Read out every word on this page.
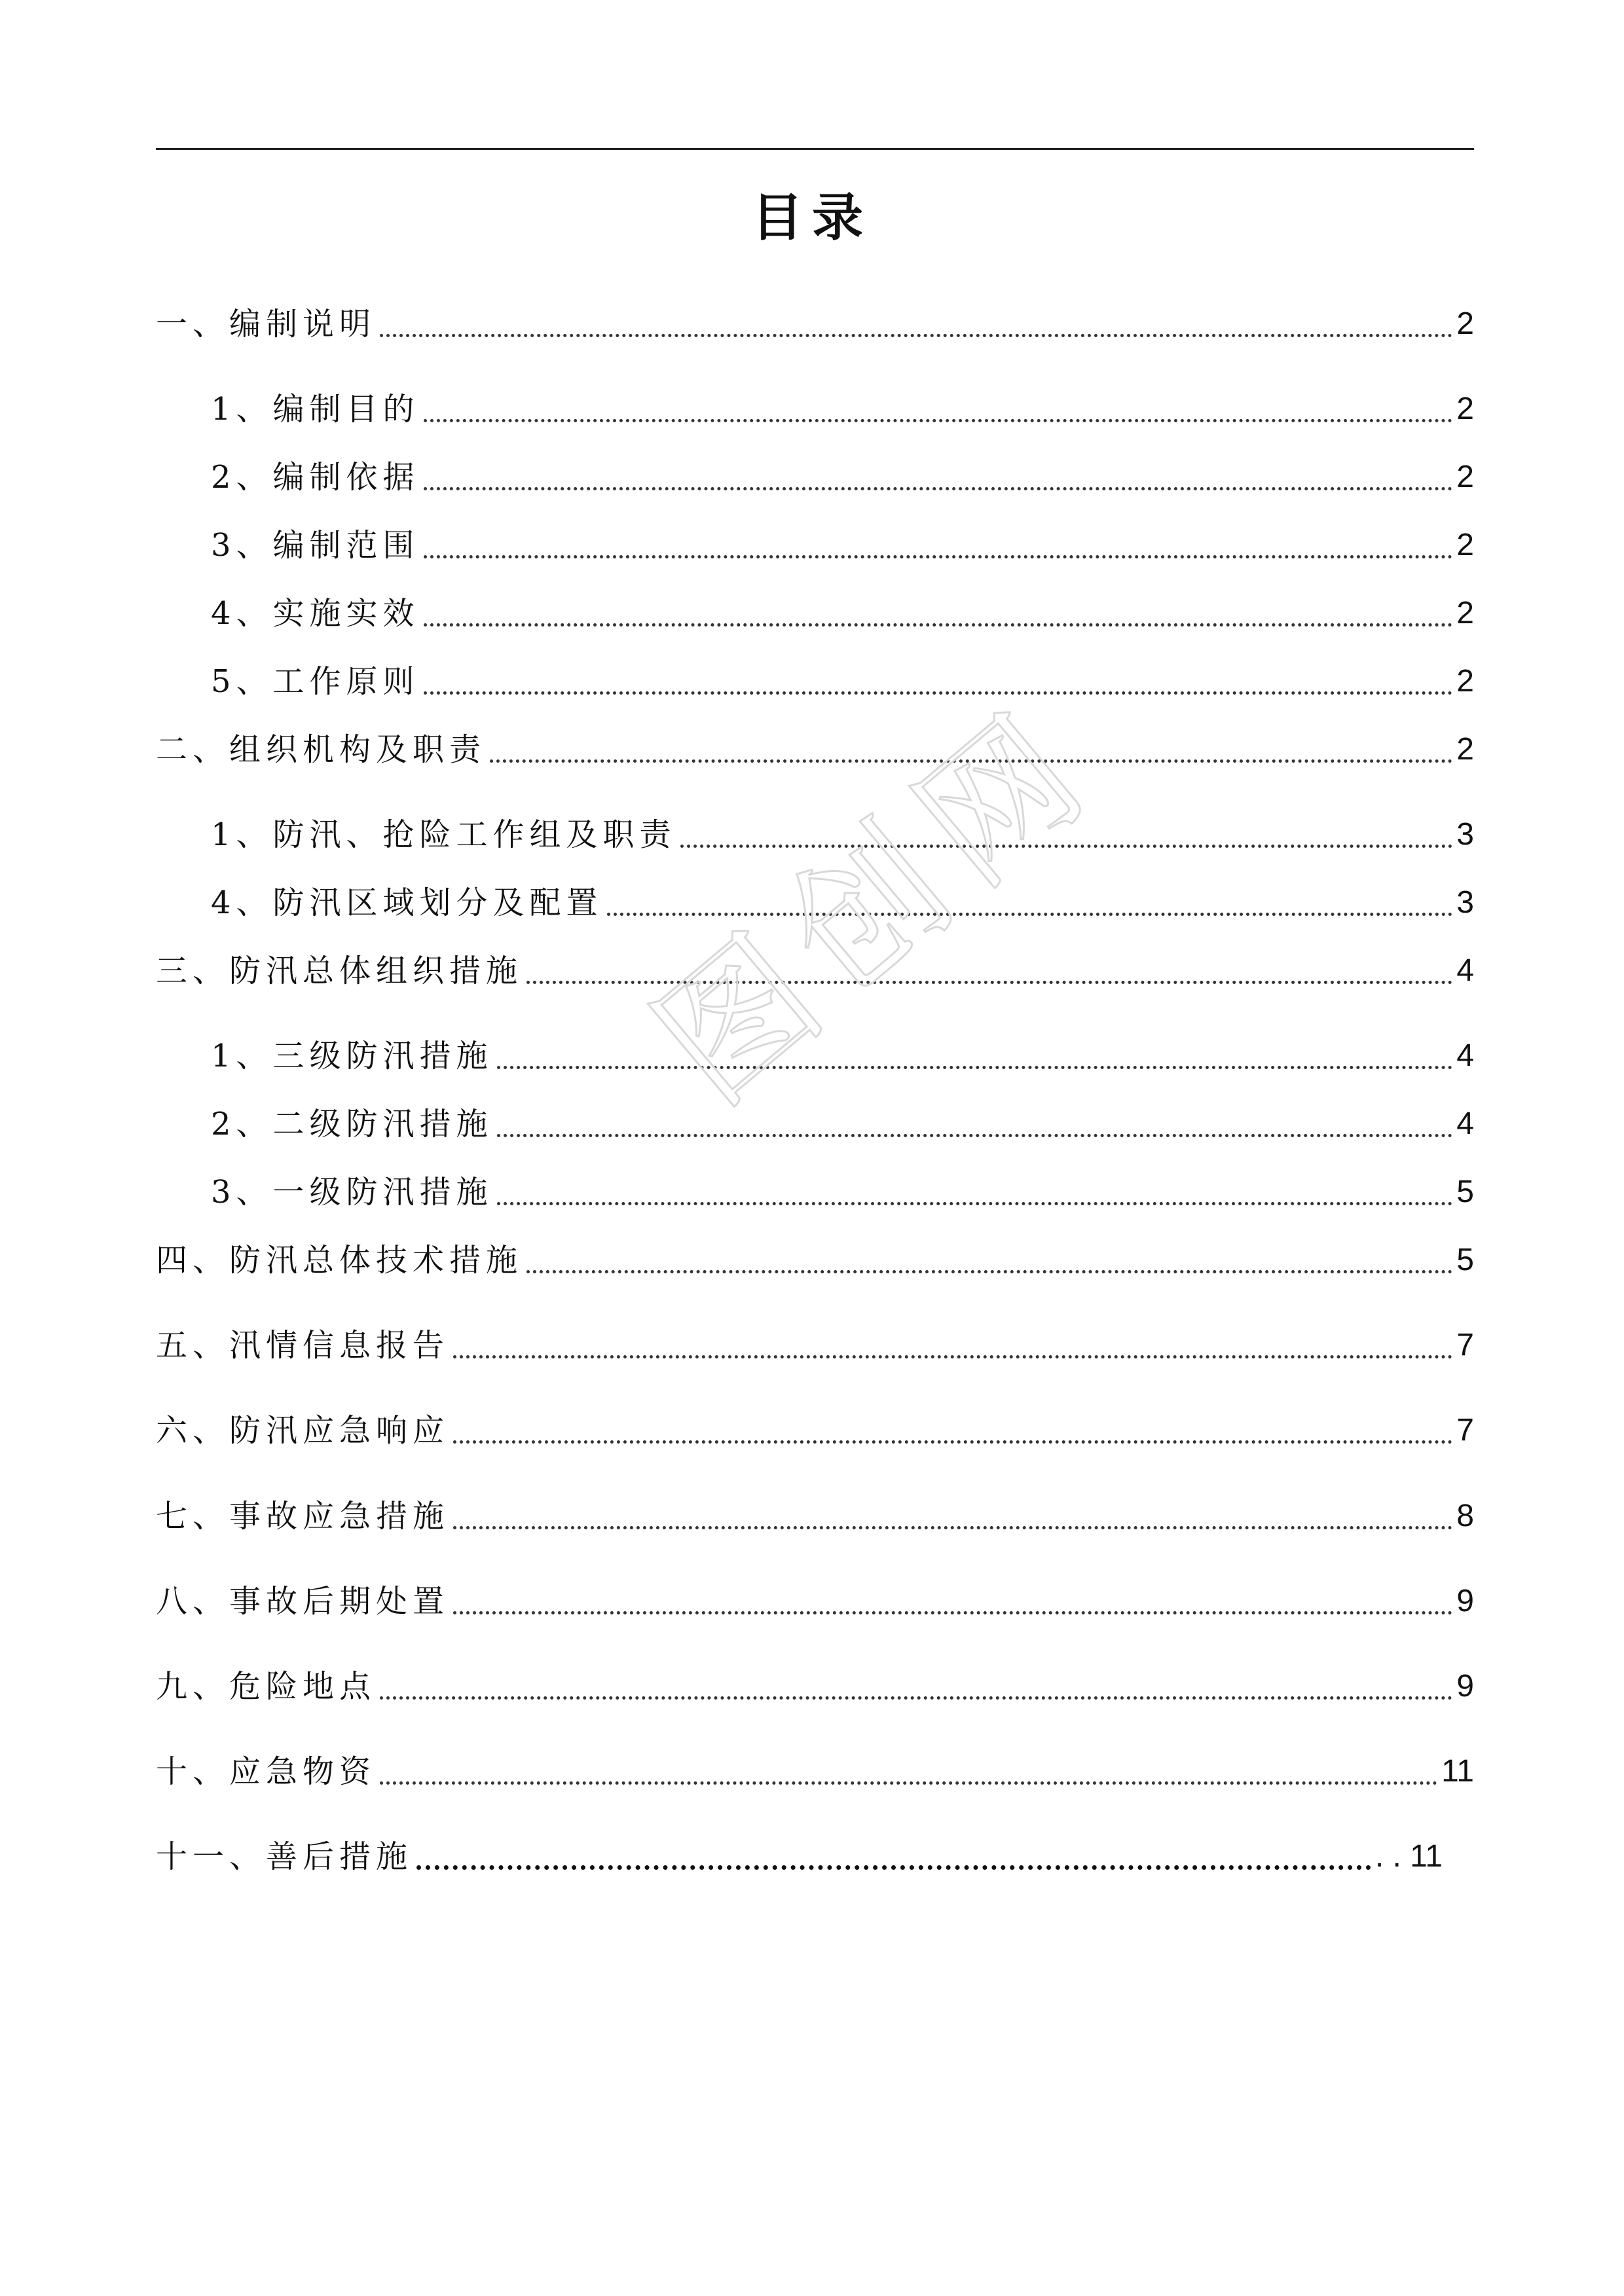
目录
一、编制说明	2
1、编制目的	2
2、编制依据	2
3、编制范围	2
4、实施实效	2
5、工作原则	2
二、组织机构及职责	2
1、防汛、抢险工作组及职责	3
4、防汛区域划分及配置	3
三、防汛总体组织措施	4
1、三级防汛措施	4
2、二级防汛措施	4
3、一级防汛措施	5
四、防汛总体技术措施	5
五、汛情信息报告	7
六、防汛应急响应	7
七、事故应急措施	8
八、事故后期处置	9
九、危险地点	9
十、应急物资	11
十一、善后措施	. . 11
图创网
